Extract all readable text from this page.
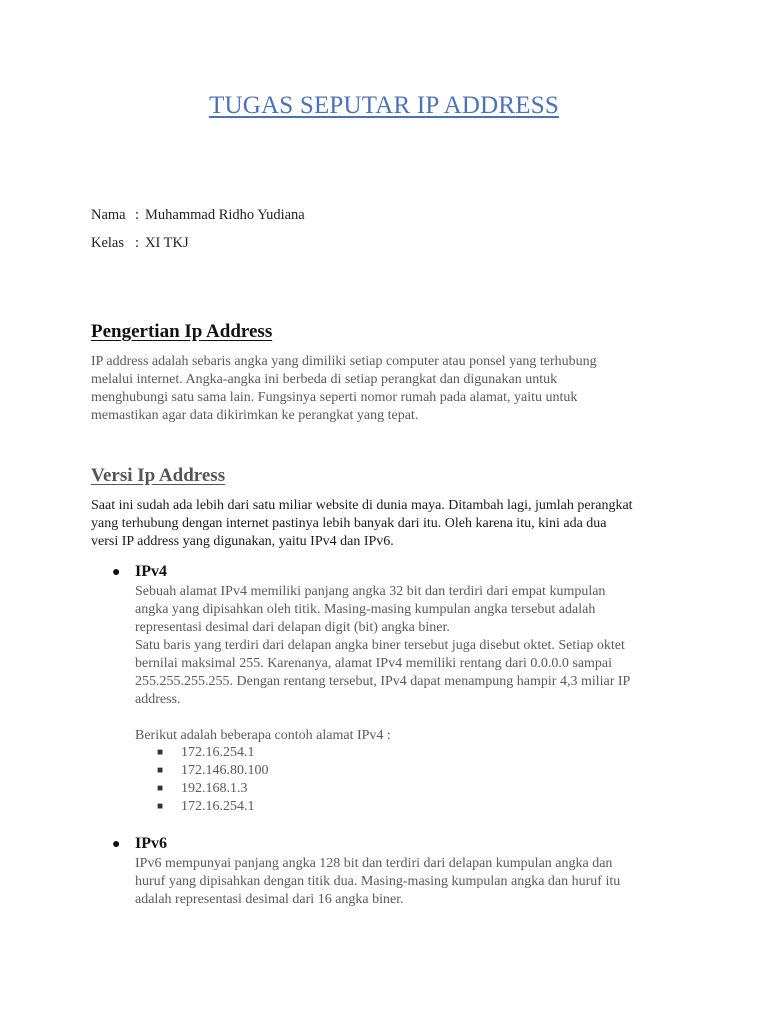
TUGAS SEPUTAR IP ADDRESS
Nama : Muhammad Ridho Yudiana
Kelas : XI TKJ
Pengertian Ip Address
IP address adalah sebaris angka yang dimiliki setiap computer atau ponsel yang terhubung
melalui internet. Angka-angka ini berbeda di setiap perangkat dan digunakan untuk
menghubungi satu sama lain. Fungsinya seperti nomor rumah pada alamat, yaitu untuk
memastikan agar data dikirimkan ke perangkat yang tepat.
Versi Ip Address
Saat ini sudah ada lebih dari satu miliar website di dunia maya. Ditambah lagi, jumlah perangkat
yang terhubung dengan internet pastinya lebih banyak dari itu. Oleh karena itu, kini ada dua
versi IP address yang digunakan, yaitu IPv4 dan IPv6.
● IPv4
Sebuah alamat IPv4 memiliki panjang angka 32 bit dan terdiri dari empat kumpulan
angka yang dipisahkan oleh titik. Masing-masing kumpulan angka tersebut adalah
representasi desimal dari delapan digit (bit) angka biner.
Satu baris yang terdiri dari delapan angka biner tersebut juga disebut oktet. Setiap oktet
bernilai maksimal 255. Karenanya, alamat IPv4 memiliki rentang dari 0.0.0.0 sampai
255.255.255.255. Dengan rentang tersebut, IPv4 dapat menampung hampir 4,3 miliar IP
address.
Berikut adalah beberapa contoh alamat IPv4 :
■ 172.16.254.1
■ 172.146.80.100
■ 192.168.1.3
■ 172.16.254.1
● IPv6
IPv6 mempunyai panjang angka 128 bit dan terdiri dari delapan kumpulan angka dan
huruf yang dipisahkan dengan titik dua. Masing-masing kumpulan angka dan huruf itu
adalah representasi desimal dari 16 angka biner.
